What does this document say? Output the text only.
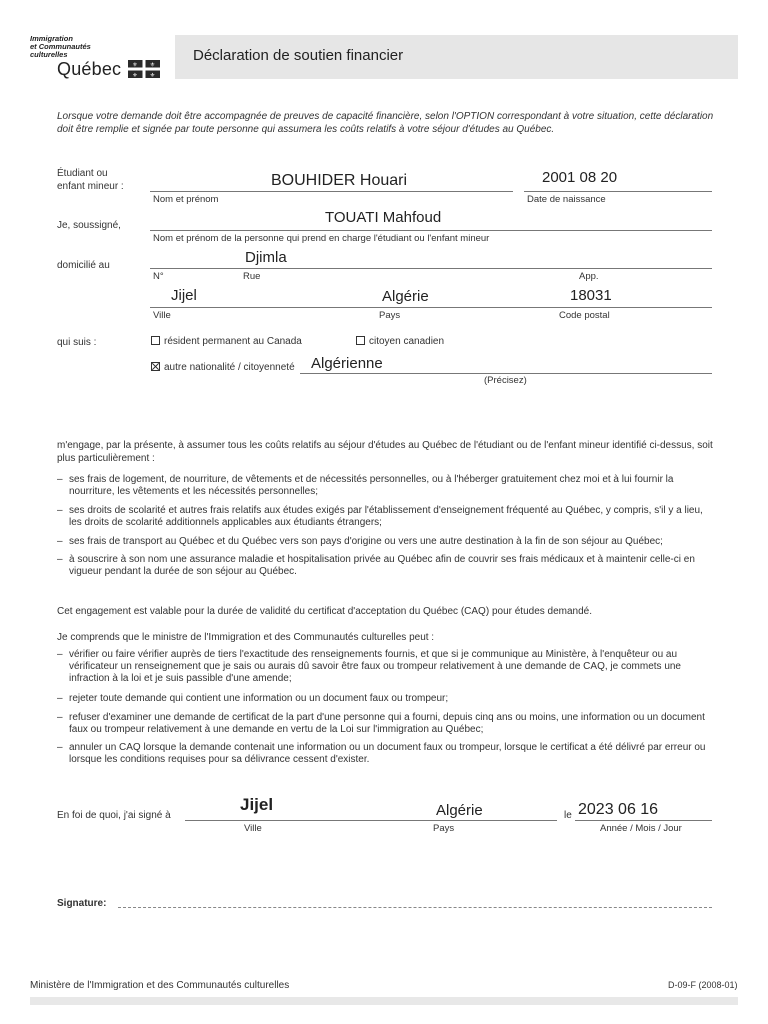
Immigration
et Communautés
culturelles
Québec ⚜ ⚜
⚜ ⚜
Déclaration de soutien financier
Lorsque votre demande doit être accompagnée de preuves de capacité financière, selon l'OPTION correspondant à votre situation, cette déclaration doit être remplie et signée par toute personne qui assumera les coûts relatifs à votre séjour d'études au Québec.
Étudiant ou
enfant mineur :	BOUHIDER Houari
Nom et prénom
2001 08 20
Date de naissance
Je, soussigné,	TOUATI Mahfoud
Nom et prénom de la personne qui prend en charge l'étudiant ou l'enfant mineur
domicilié au	Djimla
N°	Rue	App.
Jijel	Algérie	18031
Ville	Pays	Code postal
qui suis :	résident permanent au Canada	citoyen canadien
autre nationalité / citoyenneté Algérienne
(Précisez)
m'engage, par la présente, à assumer tous les coûts relatifs au séjour d'études au Québec de l'étudiant ou de l'enfant mineur identifié ci-dessus, soit plus particulièrement :
– ses frais de logement, de nourriture, de vêtements et de nécessités personnelles, ou à l'héberger gratuitement chez moi et à lui fournir la nourriture, les vêtements et les nécessités personnelles;
– ses droits de scolarité et autres frais relatifs aux études exigés par l'établissement d'enseignement fréquenté au Québec, y compris, s'il y a lieu, les droits de scolarité additionnels applicables aux étudiants étrangers;
– ses frais de transport au Québec et du Québec vers son pays d'origine ou vers une autre destination à la fin de son séjour au Québec;
– à souscrire à son nom une assurance maladie et hospitalisation privée au Québec afin de couvrir ses frais médicaux et à maintenir celle-ci en vigueur pendant la durée de son séjour au Québec.
Cet engagement est valable pour la durée de validité du certificat d'acceptation du Québec (CAQ) pour études demandé.
Je comprends que le ministre de l'Immigration et des Communautés culturelles peut :
– vérifier ou faire vérifier auprès de tiers l'exactitude des renseignements fournis, et que si je communique au Ministère, à l'enquêteur ou au vérificateur un renseignement que je sais ou aurais dû savoir être faux ou trompeur relativement à une demande de CAQ, je commets une infraction à la loi et je suis passible d'une amende;
– rejeter toute demande qui contient une information ou un document faux ou trompeur;
– refuser d'examiner une demande de certificat de la part d'une personne qui a fourni, depuis cinq ans ou moins, une information ou un document faux ou trompeur relativement à une demande en vertu de la Loi sur l'immigration au Québec;
– annuler un CAQ lorsque la demande contenait une information ou un document faux ou trompeur, lorsque le certificat a été délivré par erreur ou lorsque les conditions requises pour sa délivrance cessent d'exister.
En foi de quoi, j'ai signé à
Jijel	Algérie	le 2023 06 16
Ville	Pays	Année / Mois / Jour
Signature:
Ministère de l'Immigration et des Communautés culturelles	D-09-F (2008-01)
